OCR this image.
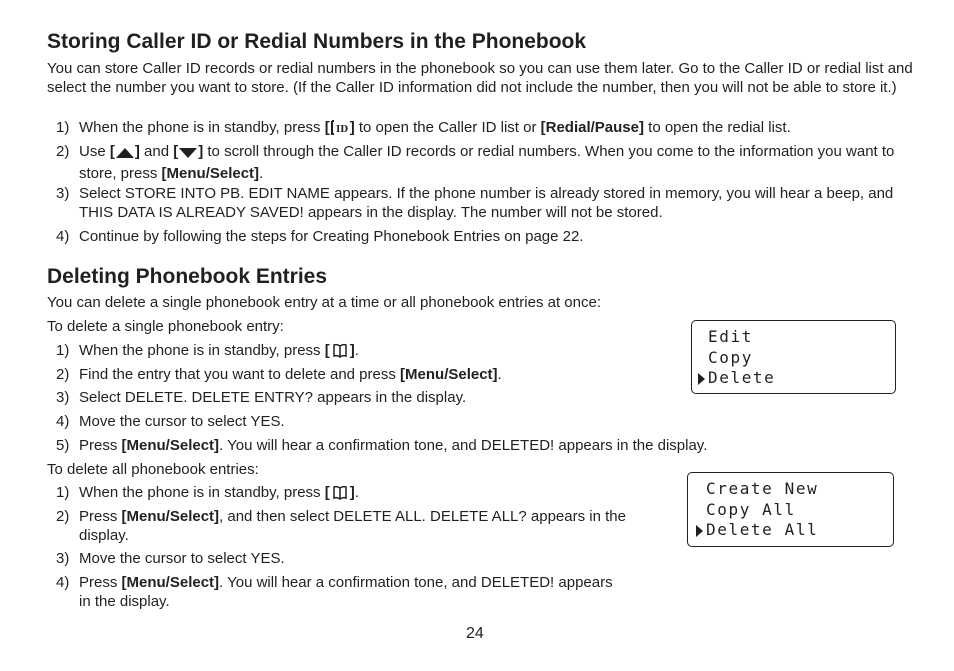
Storing Caller ID or Redial Numbers in the Phonebook

You can store Caller ID records or redial numbers in the phonebook so you can use them later. Go to the Caller ID or redial list and select the number you want to store. (If the Caller ID information did not include the number, then you will not be able to store it.)

1) When the phone is in standby, press [ ID ] to open the Caller ID list or [Redial/Pause] to open the redial list.
2) Use [ ] and [ ] to scroll through the Caller ID records or redial numbers. When you come to the information you want to store, press [Menu/Select].
3) Select STORE INTO PB. EDIT NAME appears. If the phone number is already stored in memory, you will hear a beep, and THIS DATA IS ALREADY SAVED! appears in the display. The number will not be stored.
4) Continue by following the steps for Creating Phonebook Entries on page 22.
Deleting Phonebook Entries

You can delete a single phonebook entry at a time or all phonebook entries at once:

To delete a single phonebook entry:

1) When the phone is in standby, press [ ].
2) Find the entry that you want to delete and press [Menu/Select].
3) Select DELETE. DELETE ENTRY? appears in the display.
4) Move the cursor to select YES.
5) Press [Menu/Select]. You will hear a confirmation tone, and DELETED! appears in the display.

To delete all phonebook entries:

1) When the phone is in standby, press [ ].
2) Press [Menu/Select], and then select DELETE ALL. DELETE ALL? appears in the display.
3) Move the cursor to select YES.
4) Press [Menu/Select]. You will hear a confirmation tone, and DELETED! appears in the display.
Edit
Copy
Delete
Create New
Copy All
Delete All
24
